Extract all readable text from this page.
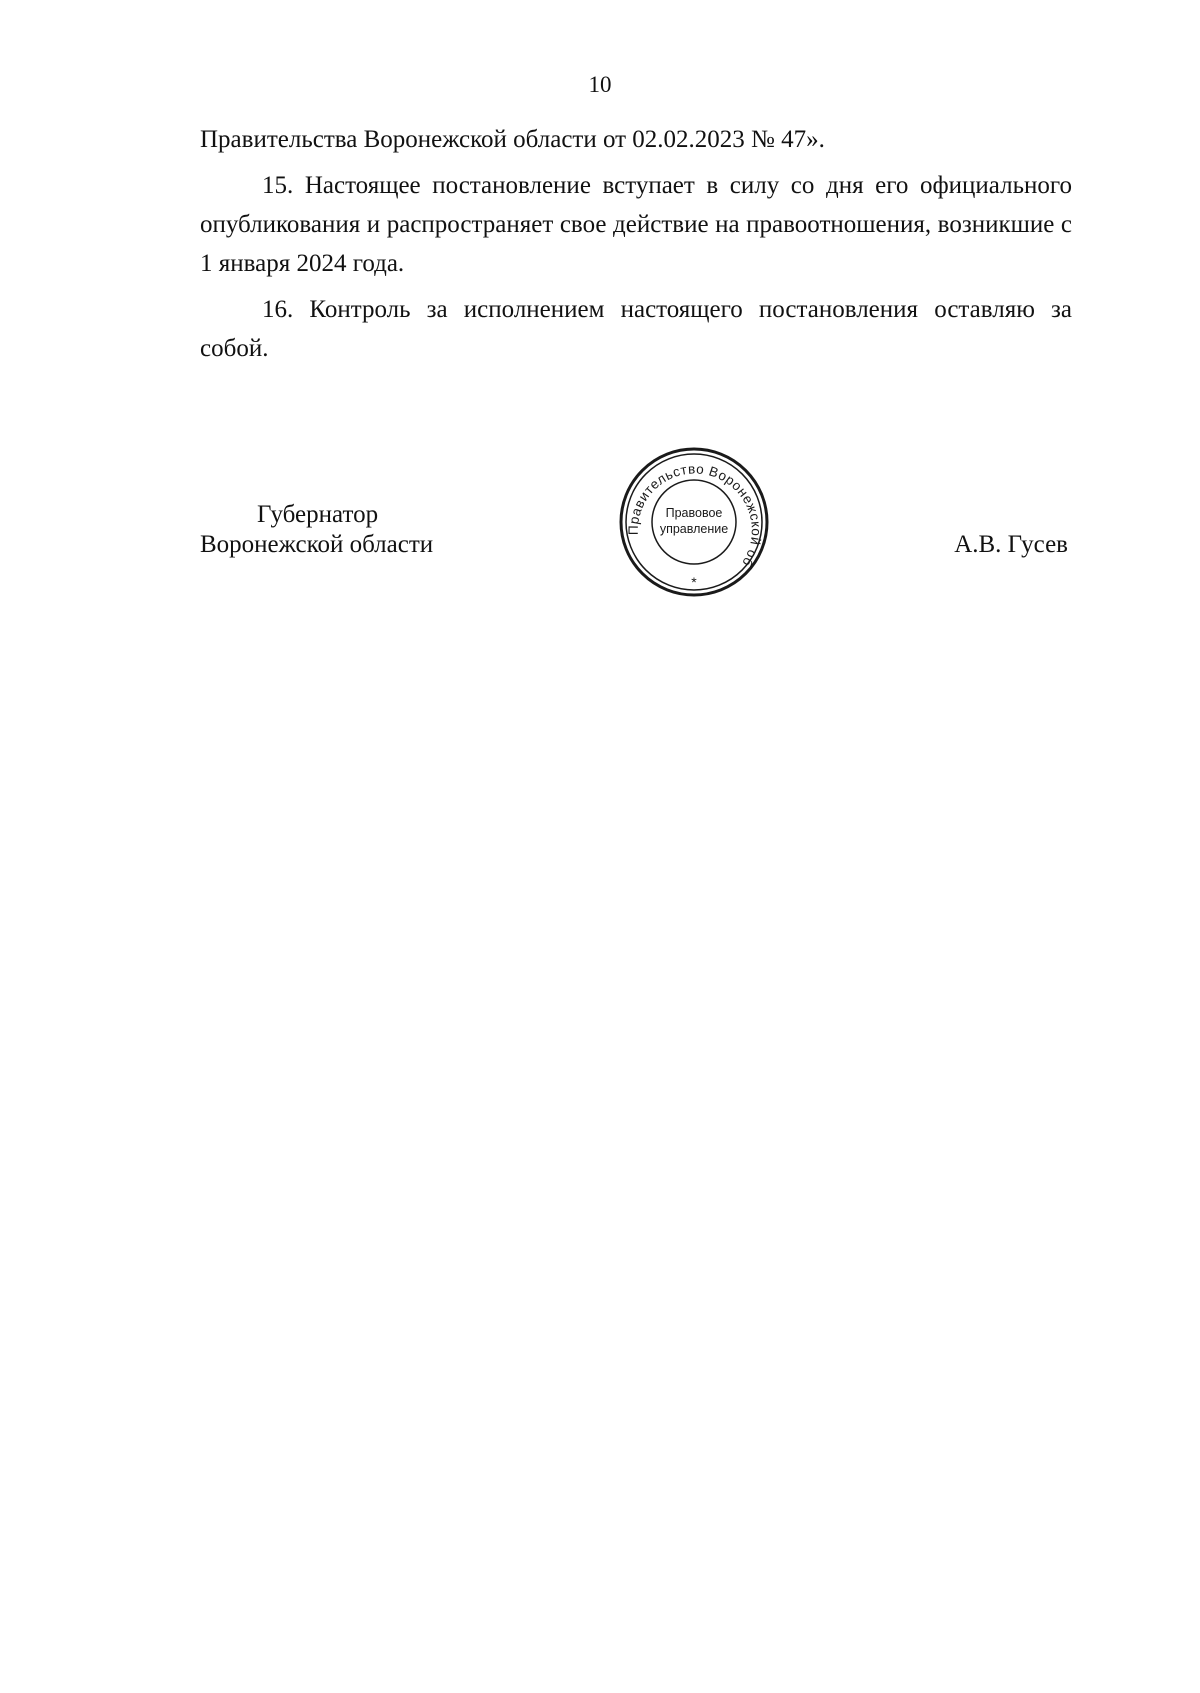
10

Правительства Воронежской области от 02.02.2023 № 47».

15. Настоящее постановление вступает в силу со дня его официального опубликования и распространяет свое действие на правоотношения, возникшие с 1 января 2024 года.

16. Контроль за исполнением настоящего постановления оставляю за собой.

Губернатор
Воронежской области	А.В. Гусев
Правительство Воронежской об
Правовое
управление
*
